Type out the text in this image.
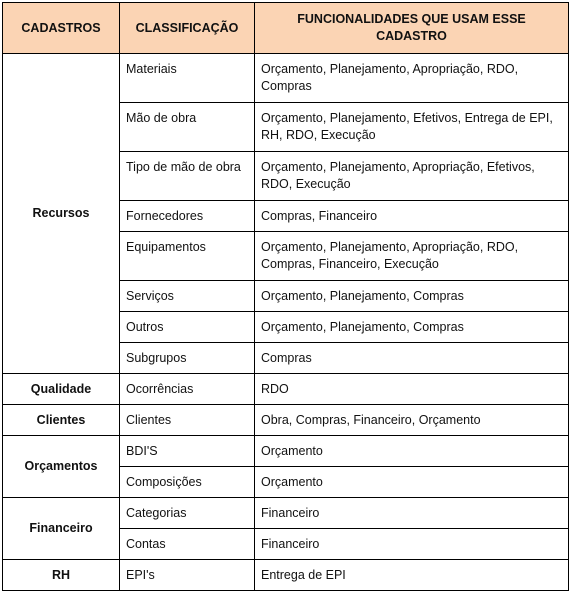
CADASTROS	CLASSIFICAÇÃO	FUNCIONALIDADES QUE USAM ESSE CADASTRO
Recursos	Materiais	Orçamento, Planejamento, Apropriação, RDO, Compras
	Mão de obra	Orçamento, Planejamento, Efetivos, Entrega de EPI, RH, RDO, Execução
	Tipo de mão de obra	Orçamento, Planejamento, Apropriação, Efetivos, RDO, Execução
	Fornecedores	Compras, Financeiro
	Equipamentos	Orçamento, Planejamento, Apropriação, RDO, Compras, Financeiro, Execução
	Serviços	Orçamento, Planejamento, Compras
	Outros	Orçamento, Planejamento, Compras
	Subgrupos	Compras
Qualidade	Ocorrências	RDO
Clientes	Clientes	Obra, Compras, Financeiro, Orçamento
Orçamentos	BDI'S	Orçamento
	Composições	Orçamento
Financeiro	Categorias	Financeiro
	Contas	Financeiro
RH	EPI's	Entrega de EPI
